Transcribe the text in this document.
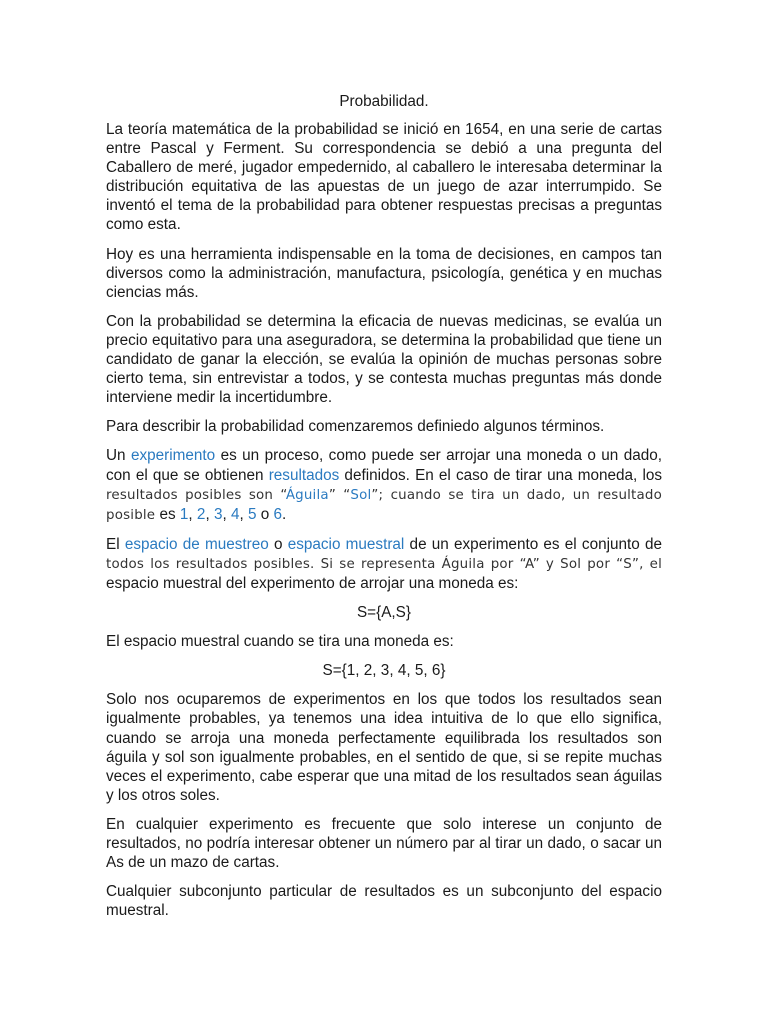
Probabilidad.

La teoría matemática de la probabilidad se inició en 1654, en una serie de cartas entre Pascal y Ferment. Su correspondencia se debió a una pregunta del Caballero de meré, jugador empedernido, al caballero le interesaba determinar la distribución equitativa de las apuestas de un juego de azar interrumpido. Se inventó el tema de la probabilidad para obtener respuestas precisas a preguntas como esta.

Hoy es una herramienta indispensable en la toma de decisiones, en campos tan diversos como la administración, manufactura, psicología, genética y en muchas ciencias más.

Con la probabilidad se determina la eficacia de nuevas medicinas, se evalúa un precio equitativo para una aseguradora, se determina la probabilidad que tiene un candidato de ganar la elección, se evalúa la opinión de muchas personas sobre cierto tema, sin entrevistar a todos, y se contesta muchas preguntas más donde interviene medir la incertidumbre.

Para describir la probabilidad comenzaremos definiedo algunos términos.

Un experimento es un proceso, como puede ser arrojar una moneda o un dado, con el que se obtienen resultados definidos. En el caso de tirar una moneda, los resultados posibles son “Águila” “Sol”; cuando se tira un dado, un resultado posible es 1, 2, 3, 4, 5 o 6.

El espacio de muestreo o espacio muestral de un experimento es el conjunto de todos los resultados posibles. Si se representa Águila por “A” y Sol por “S”, el espacio muestral del experimento de arrojar una moneda es:

S={A,S}

El espacio muestral cuando se tira una moneda es:

S={1, 2, 3, 4, 5, 6}

Solo nos ocuparemos de experimentos en los que todos los resultados sean igualmente probables, ya tenemos una idea intuitiva de lo que ello significa, cuando se arroja una moneda perfectamente equilibrada los resultados son águila y sol son igualmente probables, en el sentido de que, si se repite muchas veces el experimento, cabe esperar que una mitad de los resultados sean águilas y los otros soles.

En cualquier experimento es frecuente que solo interese un conjunto de resultados, no podría interesar obtener un número par al tirar un dado, o sacar un As de un mazo de cartas.

Cualquier subconjunto particular de resultados es un subconjunto del espacio muestral.
